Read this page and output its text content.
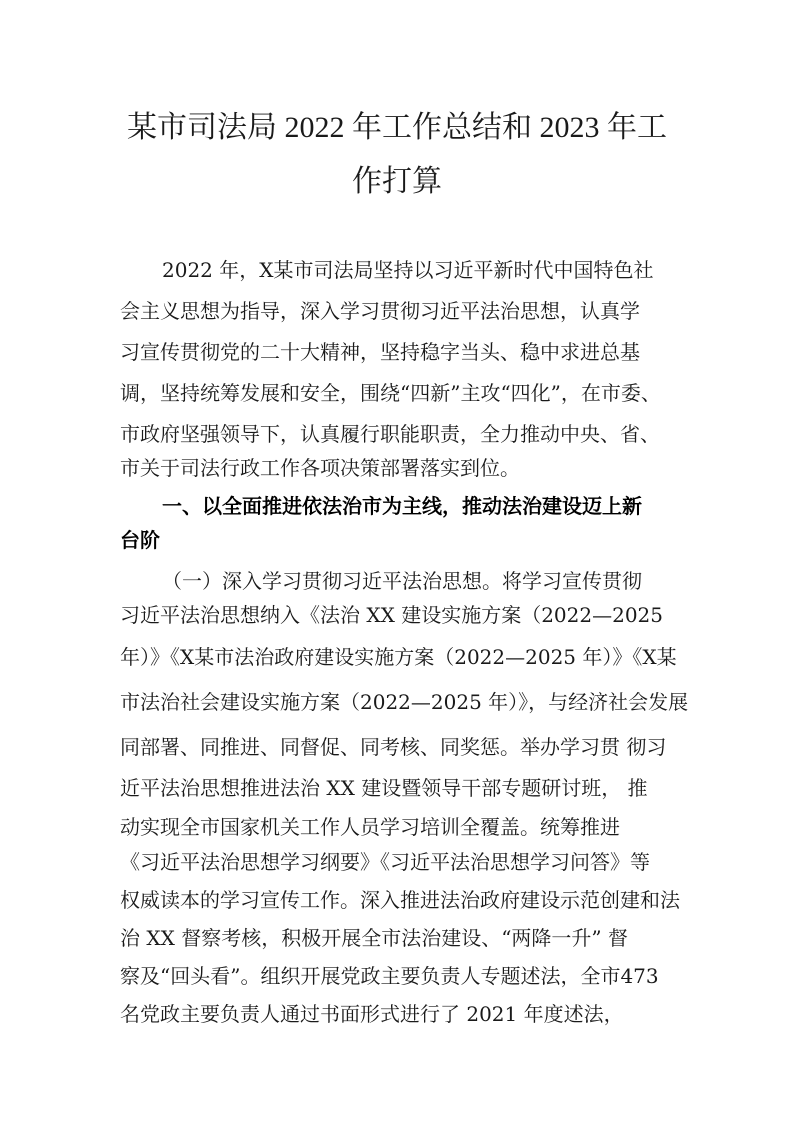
某市司法局 2022 年工作总结和 2023 年工
作打算
2022 年，X某市司法局坚持以习近平新时代中国特色社
会主义思想为指导，深入学习贯彻习近平法治思想，认真学
习宣传贯彻党的二十大精神，坚持稳字当头、稳中求进总基
调，坚持统筹发展和安全，围绕“四新”主攻“四化”，在市委、
市政府坚强领导下，认真履行职能职责，全力推动中央、省、
市关于司法行政工作各项决策部署落实到位。
一、以全面推进依法治市为主线，推动法治建设迈上新
台阶
（一）深入学习贯彻习近平法治思想。将学习宣传贯彻
习近平法治思想纳入《法治 XX 建设实施方案（2022—2025
年）》《X某市法治政府建设实施方案（2022—2025 年）》《X某
市法治社会建设实施方案（2022—2025 年）》，与经济社会发展
同部署、同推进、同督促、同考核、同奖惩。举办学习贯 彻习
近平法治思想推进法治 XX 建设暨领导干部专题研讨班， 推
动实现全市国家机关工作人员学习培训全覆盖。统筹推进
《习近平法治思想学习纲要》《习近平法治思想学习问答》等
权威读本的学习宣传工作。深入推进法治政府建设示范创建和法
治 XX 督察考核，积极开展全市法治建设、“两降一升” 督
察及“回头看”。组织开展党政主要负责人专题述法，全市473
名党政主要负责人通过书面形式进行了 2021 年度述法，
